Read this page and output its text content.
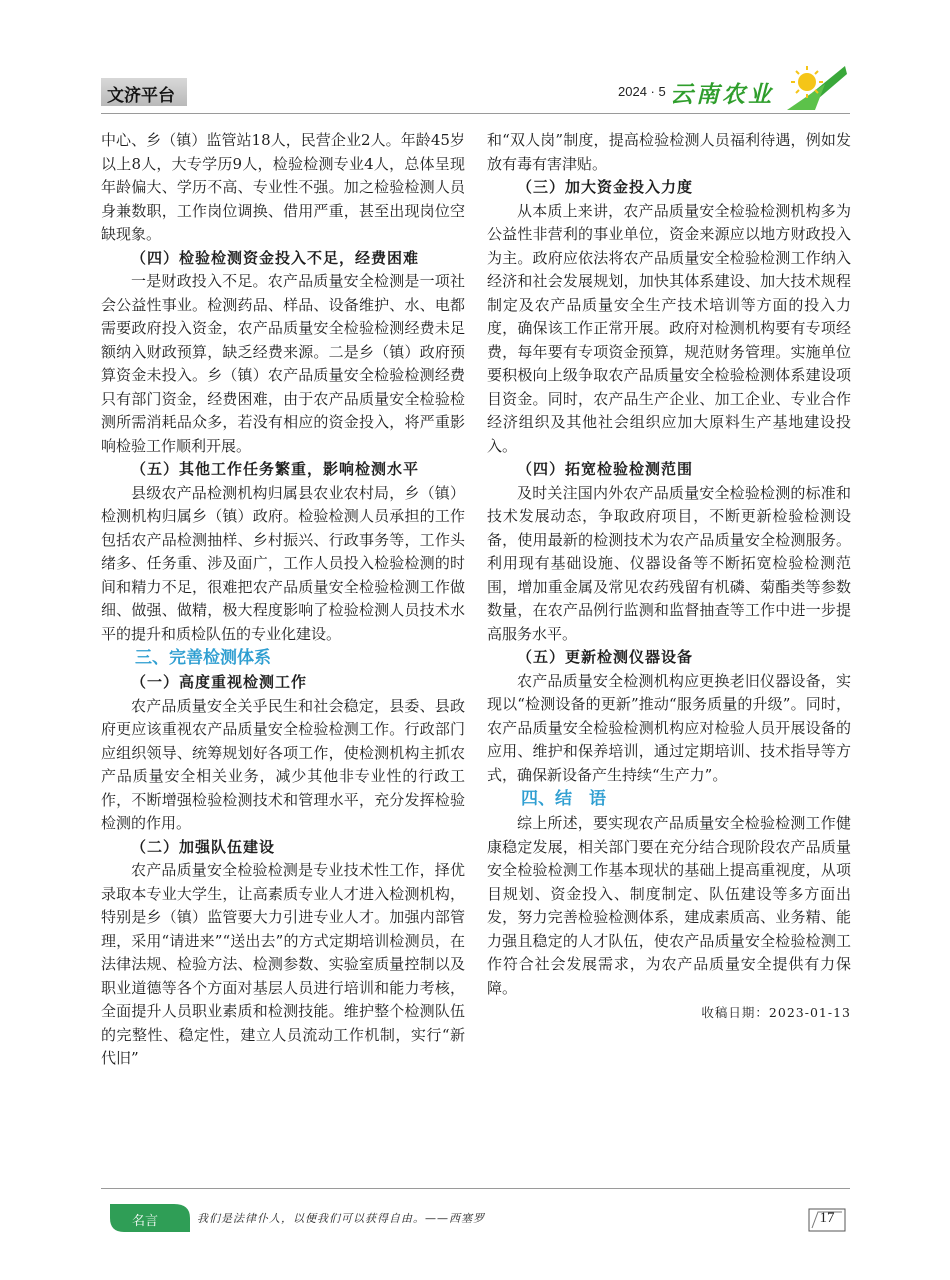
文济平台	2024 · 5 云南农业

中心、乡（镇）监管站18人，民营企业2人。年龄45岁以上8人，大专学历9人，检验检测专业4人，总体呈现年龄偏大、学历不高、专业性不强。加之检验检测人员身兼数职，工作岗位调换、借用严重，甚至出现岗位空缺现象。

（四）检验检测资金投入不足，经费困难

一是财政投入不足。农产品质量安全检测是一项社会公益性事业。检测药品、样品、设备维护、水、电都需要政府投入资金，农产品质量安全检验检测经费未足额纳入财政预算，缺乏经费来源。二是乡（镇）政府预算资金未投入。乡（镇）农产品质量安全检验检测经费只有部门资金，经费困难，由于农产品质量安全检验检测所需消耗品众多，若没有相应的资金投入，将严重影响检验工作顺利开展。

（五）其他工作任务繁重，影响检测水平

县级农产品检测机构归属县农业农村局，乡（镇）检测机构归属乡（镇）政府。检验检测人员承担的工作包括农产品检测抽样、乡村振兴、行政事务等，工作头绪多、任务重、涉及面广，工作人员投入检验检测的时间和精力不足，很难把农产品质量安全检验检测工作做细、做强、做精，极大程度影响了检验检测人员技术水平的提升和质检队伍的专业化建设。

三、完善检测体系
（一）高度重视检测工作

农产品质量安全关乎民生和社会稳定，县委、县政府更应该重视农产品质量安全检验检测工作。行政部门应组织领导、统筹规划好各项工作，使检测机构主抓农产品质量安全相关业务，减少其他非专业性的行政工作，不断增强检验检测技术和管理水平，充分发挥检验检测的作用。

（二）加强队伍建设

农产品质量安全检验检测是专业技术性工作，择优录取本专业大学生，让高素质专业人才进入检测机构，特别是乡（镇）监管要大力引进专业人才。加强内部管理，采用“请进来”“送出去”的方式定期培训检测员，在法律法规、检验方法、检测参数、实验室质量控制以及职业道德等各个方面对基层人员进行培训和能力考核，全面提升人员职业素质和检测技能。维护整个检测队伍的完整性、稳定性，建立人员流动工作机制，实行“新代旧”

和“双人岗”制度，提高检验检测人员福利待遇，例如发放有毒有害津贴。

（三）加大资金投入力度

从本质上来讲，农产品质量安全检验检测机构多为公益性非营利的事业单位，资金来源应以地方财政投入为主。政府应依法将农产品质量安全检验检测工作纳入经济和社会发展规划，加快其体系建设、加大技术规程制定及农产品质量安全生产技术培训等方面的投入力度，确保该工作正常开展。政府对检测机构要有专项经费，每年要有专项资金预算，规范财务管理。实施单位要积极向上级争取农产品质量安全检验检测体系建设项目资金。同时，农产品生产企业、加工企业、专业合作经济组织及其他社会组织应加大原料生产基地建设投入。

（四）拓宽检验检测范围

及时关注国内外农产品质量安全检验检测的标准和技术发展动态，争取政府项目，不断更新检验检测设备，使用最新的检测技术为农产品质量安全检测服务。利用现有基础设施、仪器设备等不断拓宽检验检测范围，增加重金属及常见农药残留有机磷、菊酯类等参数数量，在农产品例行监测和监督抽查等工作中进一步提高服务水平。

（五）更新检测仪器设备

农产品质量安全检测机构应更换老旧仪器设备，实现以“检测设备的更新”推动“服务质量的升级”。同时，农产品质量安全检验检测机构应对检验人员开展设备的应用、维护和保养培训，通过定期培训、技术指导等方式，确保新设备产生持续“生产力”。

四、结　语

综上所述，要实现农产品质量安全检验检测工作健康稳定发展，相关部门要在充分结合现阶段农产品质量安全检验检测工作基本现状的基础上提高重视度，从项目规划、资金投入、制度制定、队伍建设等多方面出发，努力完善检验检测体系，建成素质高、业务精、能力强且稳定的人才队伍，使农产品质量安全检验检测工作符合社会发展需求，为农产品质量安全提供有力保障。

收稿日期：2023-01-13
名言	我们是法律仆人，以便我们可以获得自由。——西塞罗	17
